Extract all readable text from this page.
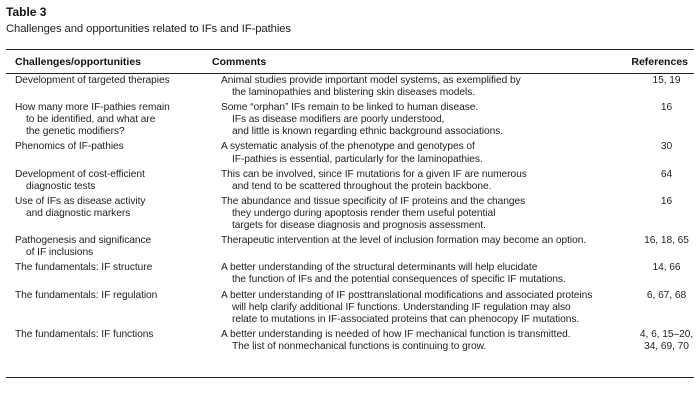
Table 3
Challenges and opportunities related to IFs and IF-pathies
Challenges/opportunities	Comments	References
Development of targeted therapies	Animal studies provide important model systems, as exemplified by
the laminopathies and blistering skin diseases models.	15, 19

How many more IF-pathies remain
to be identified, and what are
the genetic modifiers?	Some “orphan” IFs remain to be linked to human disease.
IFs as disease modifiers are poorly understood,
and little is known regarding ethnic background associations.	16

Phenomics of IF-pathies	A systematic analysis of the phenotype and genotypes of
IF-pathies is essential, particularly for the laminopathies.	30

Development of cost-efficient
diagnostic tests	This can be involved, since IF mutations for a given IF are numerous
and tend to be scattered throughout the protein backbone.	64

Use of IFs as disease activity
and diagnostic markers	The abundance and tissue specificity of IF proteins and the changes
they undergo during apoptosis render them useful potential
targets for disease diagnosis and prognosis assessment.	16

Pathogenesis and significance
of IF inclusions	Therapeutic intervention at the level of inclusion formation may become an option.	16, 18, 65

The fundamentals: IF structure	A better understanding of the structural determinants will help elucidate
the function of IFs and the potential consequences of specific IF mutations.	14, 66

The fundamentals: IF regulation	A better understanding of IF posttranslational modifications and associated proteins
will help clarify additional IF functions. Understanding IF regulation may also
relate to mutations in IF-associated proteins that can phenocopy IF mutations.	6, 67, 68

The fundamentals: IF functions	A better understanding is needed of how IF mechanical function is transmitted.
The list of nonmechanical functions is continuing to grow.	4, 6, 15–20,
34, 69, 70
